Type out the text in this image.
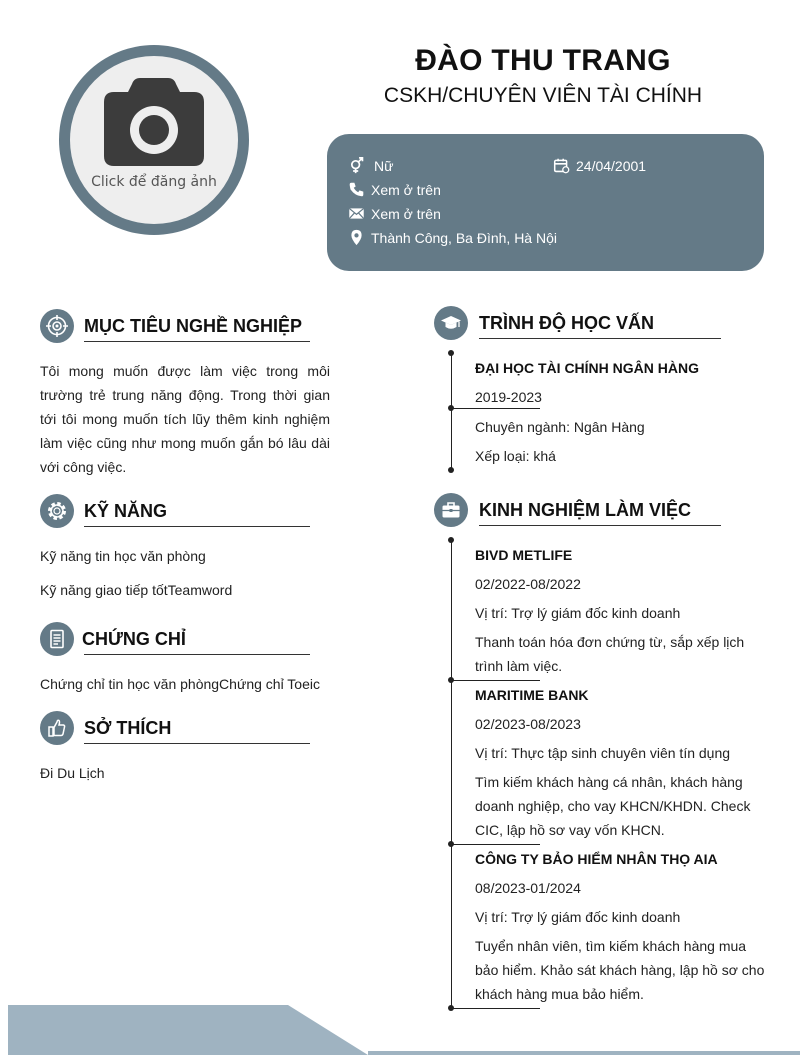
Click để đăng ảnh
ĐÀO THU TRANG
CSKH/CHUYÊN VIÊN TÀI CHÍNH
Nữ	24/04/2001
Xem ở trên
Xem ở trên
Thành Công, Ba Đình, Hà Nội
MỤC TIÊU NGHỀ NGHIỆP
Tôi mong muốn được làm việc trong môi trường trẻ trung năng động. Trong thời gian tới tôi mong muốn tích lũy thêm kinh nghiệm làm việc cũng như mong muốn gắn bó lâu dài với công việc.
KỸ NĂNG
Kỹ năng tin học văn phòng
Kỹ năng giao tiếp tốtTeamword
CHỨNG CHỈ
Chứng chỉ tin học văn phòngChứng chỉ Toeic
SỞ THÍCH
Đi Du Lịch
TRÌNH ĐỘ HỌC VẤN
ĐẠI HỌC TÀI CHÍNH NGÂN HÀNG
2019-2023
Chuyên ngành: Ngân Hàng
Xếp loại: khá
KINH NGHIỆM LÀM VIỆC
BIVD METLIFE
02/2022-08/2022
Vị trí: Trợ lý giám đốc kinh doanh
Thanh toán hóa đơn chứng từ, sắp xếp lịch trình làm việc.
MARITIME BANK
02/2023-08/2023
Vị trí: Thực tập sinh chuyên viên tín dụng
Tìm kiếm khách hàng cá nhân, khách hàng doanh nghiệp, cho vay KHCN/KHDN. Check CIC, lập hồ sơ vay vốn KHCN.
CÔNG TY BẢO HIỂM NHÂN THỌ AIA
08/2023-01/2024
Vị trí: Trợ lý giám đốc kinh doanh
Tuyển nhân viên, tìm kiếm khách hàng mua bảo hiểm. Khảo sát khách hàng, lập hồ sơ cho khách hàng mua bảo hiểm.
